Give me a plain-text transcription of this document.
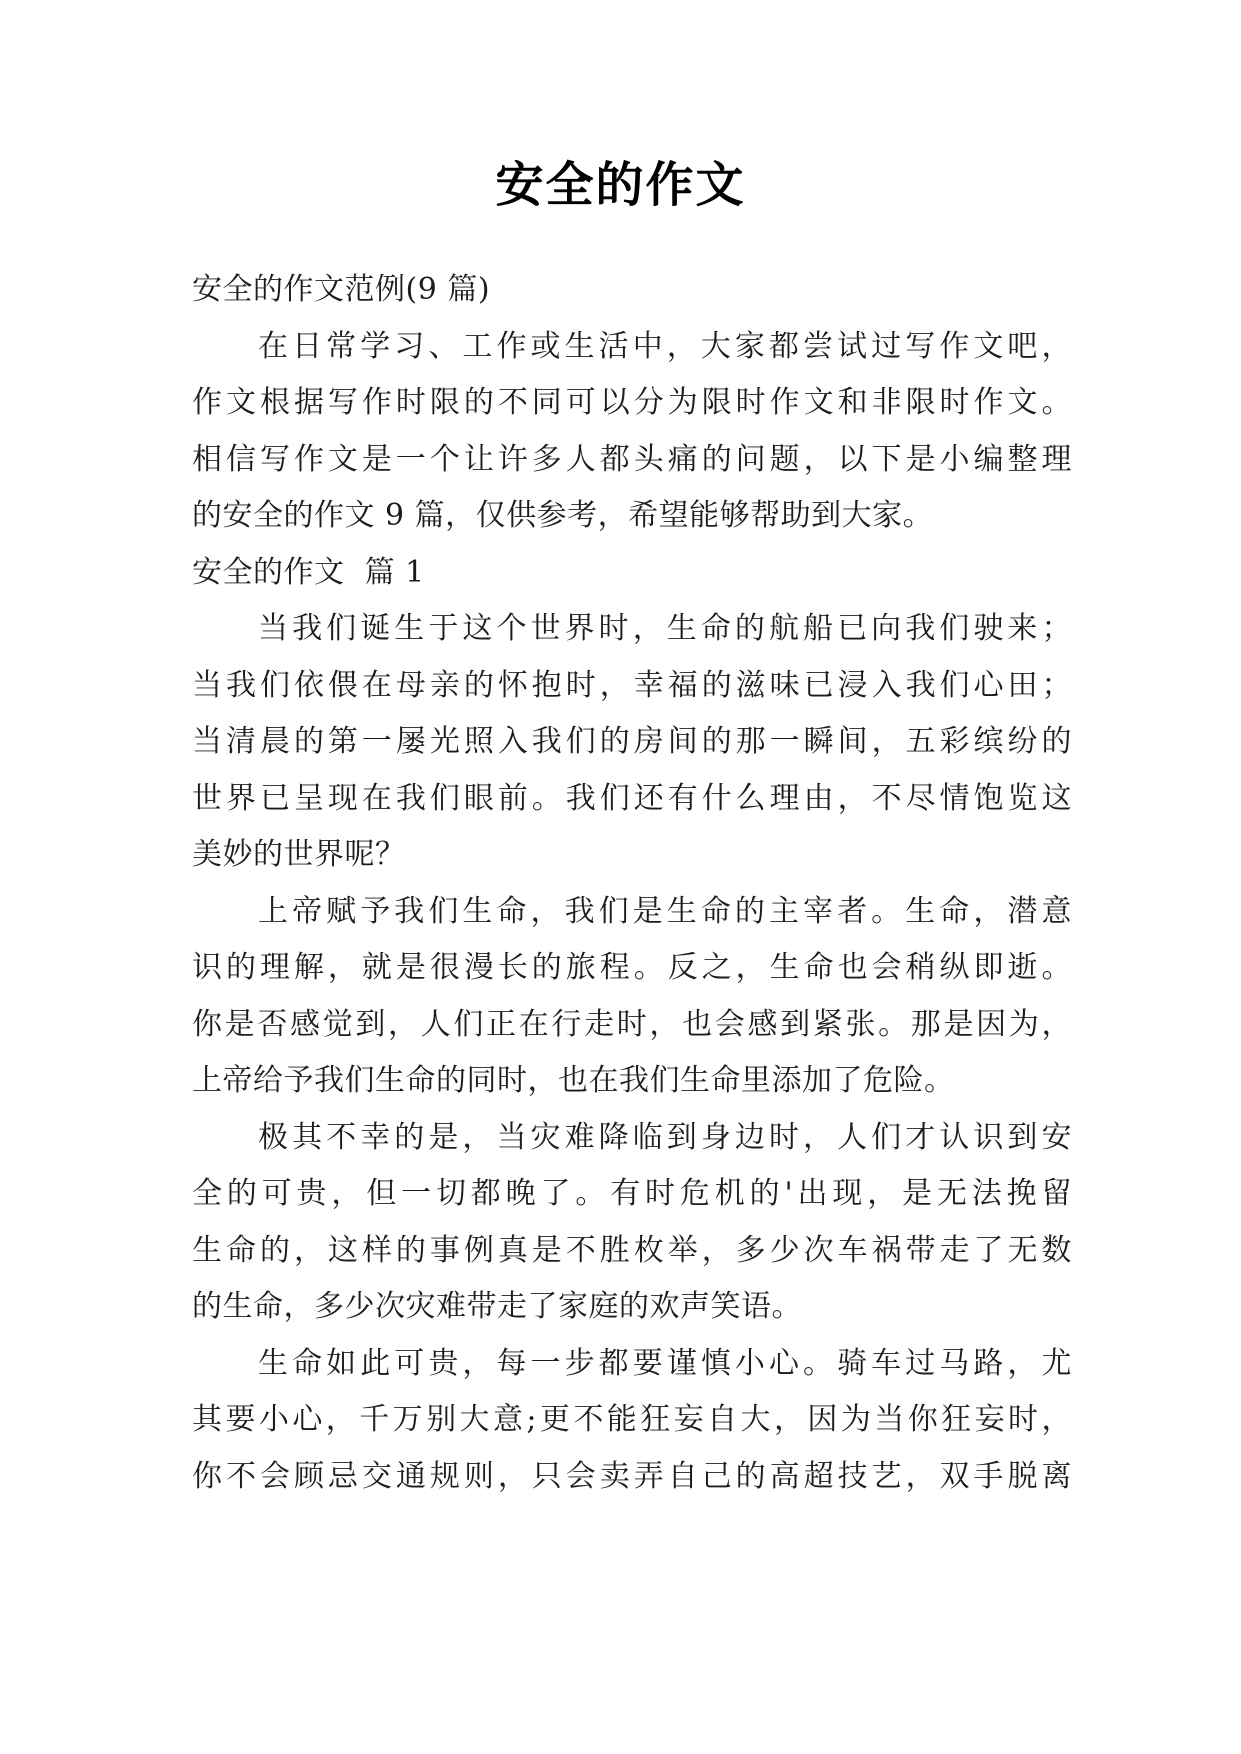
安全的作文
安全的作文范例(9 篇)
在日常学习、工作或生活中，大家都尝试过写作文吧，
作文根据写作时限的不同可以分为限时作文和非限时作文。
相信写作文是一个让许多人都头痛的问题，以下是小编整理
的安全的作文 9 篇，仅供参考，希望能够帮助到大家。
安全的作文  篇 1
当我们诞生于这个世界时，生命的航船已向我们驶来；
当我们依偎在母亲的怀抱时，幸福的滋味已浸入我们心田；
当清晨的第一屡光照入我们的房间的那一瞬间，五彩缤纷的
世界已呈现在我们眼前。我们还有什么理由，不尽情饱览这
美妙的世界呢？
上帝赋予我们生命，我们是生命的主宰者。生命，潜意
识的理解，就是很漫长的旅程。反之，生命也会稍纵即逝。
你是否感觉到，人们正在行走时，也会感到紧张。那是因为，
上帝给予我们生命的同时，也在我们生命里添加了危险。
极其不幸的是，当灾难降临到身边时，人们才认识到安
全的可贵，但一切都晚了。有时危机的'出现，是无法挽留
生命的，这样的事例真是不胜枚举，多少次车祸带走了无数
的生命，多少次灾难带走了家庭的欢声笑语。
生命如此可贵，每一步都要谨慎小心。骑车过马路，尤
其要小心，千万别大意;更不能狂妄自大，因为当你狂妄时，
你不会顾忌交通规则，只会卖弄自己的高超技艺，双手脱离
